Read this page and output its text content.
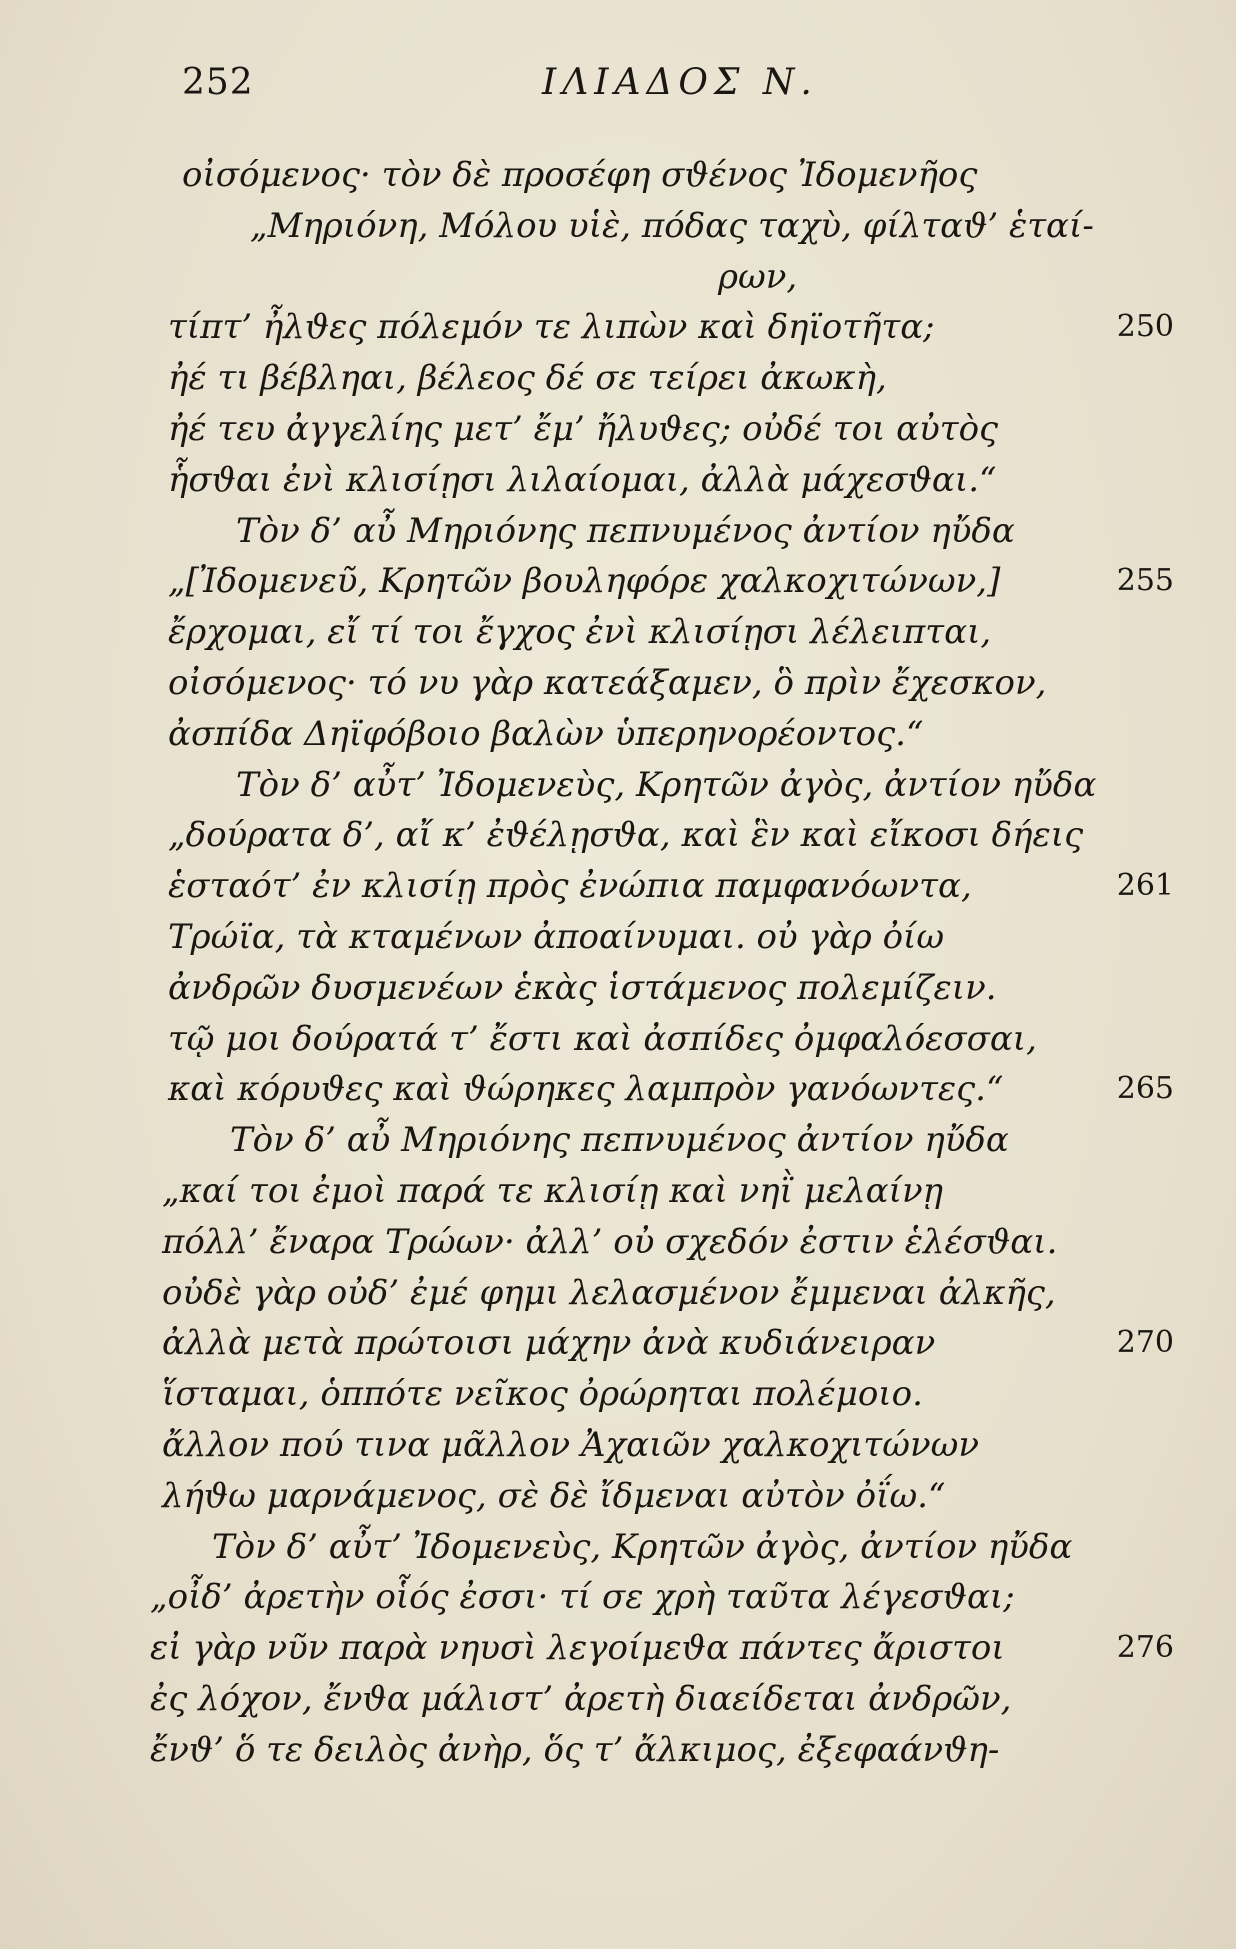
252	ΙΛΙΑΔΟΣ Ν.
οἰσόμενος· τὸν δὲ προσέφη σϑένος Ἰδομενῆος
„Μηριόνη, Μόλου υἱὲ, πόδας ταχὺ, φίλταϑ’ ἑταί-
ρων,
τίπτ’ ἦλϑες πόλεμόν τε λιπὼν καὶ δηϊοτῆτα;	250
ἠέ τι βέβληαι, βέλεος δέ σε τείρει ἀκωκὴ,
ἠέ τευ ἀγγελίης μετ’ ἔμ’ ἤλυϑες; οὐδέ τοι αὐτὸς
ἧσϑαι ἐνὶ κλισίῃσι λιλαίομαι, ἀλλὰ μάχεσϑαι.“
Τὸν δ’ αὖ Μηριόνης πεπνυμένος ἀντίον ηὔδα
„[Ἰδομενεῦ, Κρητῶν βουληφόρε χαλκοχιτώνων,]	255
ἔρχομαι, εἴ τί τοι ἔγχος ἐνὶ κλισίῃσι λέλειπται,
οἰσόμενος· τό νυ γὰρ κατεάξαμεν, ὃ πρὶν ἔχεσκον,
ἀσπίδα Δηϊφόβοιο βαλὼν ὑπερηνορέοντος.“
Τὸν δ’ αὖτ’ Ἰδομενεὺς, Κρητῶν ἀγὸς, ἀντίον ηὔδα
„δούρατα δ’, αἴ κ’ ἐϑέλῃσϑα, καὶ ἓν καὶ εἴκοσι δήεις
ἑσταότ’ ἐν κλισίῃ πρὸς ἐνώπια παμφανόωντα,	261
Τρώϊα, τὰ κταμένων ἀποαίνυμαι. οὐ γὰρ ὀίω
ἀνδρῶν δυσμενέων ἑκὰς ἱστάμενος πολεμίζειν.
τῷ μοι δούρατά τ’ ἔστι καὶ ἀσπίδες ὀμφαλόεσσαι,
καὶ κόρυϑες καὶ ϑώρηκες λαμπρὸν γανόωντες.“	265
Τὸν δ’ αὖ Μηριόνης πεπνυμένος ἀντίον ηὔδα
„καί τοι ἐμοὶ παρά τε κλισίῃ καὶ νηῒ μελαίνῃ
πόλλ’ ἔναρα Τρώων· ἀλλ’ οὐ σχεδόν ἐστιν ἑλέσϑαι.
οὐδὲ γὰρ οὐδ’ ἐμέ φημι λελασμένον ἔμμεναι ἀλκῆς,
ἀλλὰ μετὰ πρώτοισι μάχην ἀνὰ κυδιάνειραν	270
ἵσταμαι, ὁππότε νεῖκος ὀρώρηται πολέμοιο.
ἄλλον πού τινα μᾶλλον Ἀχαιῶν χαλκοχιτώνων
λήϑω μαρνάμενος, σὲ δὲ ἴδμεναι αὐτὸν ὀΐω.“
Τὸν δ’ αὖτ’ Ἰδομενεὺς, Κρητῶν ἀγὸς, ἀντίον ηὔδα
„οἶδ’ ἀρετὴν οἷός ἐσσι· τί σε χρὴ ταῦτα λέγεσϑαι;
εἰ γὰρ νῦν παρὰ νηυσὶ λεγοίμεϑα πάντες ἄριστοι	276
ἐς λόχον, ἔνϑα μάλιστ’ ἀρετὴ διαείδεται ἀνδρῶν,
ἔνϑ’ ὅ τε δειλὸς ἀνὴρ, ὅς τ’ ἄλκιμος, ἐξεφαάνϑη-
